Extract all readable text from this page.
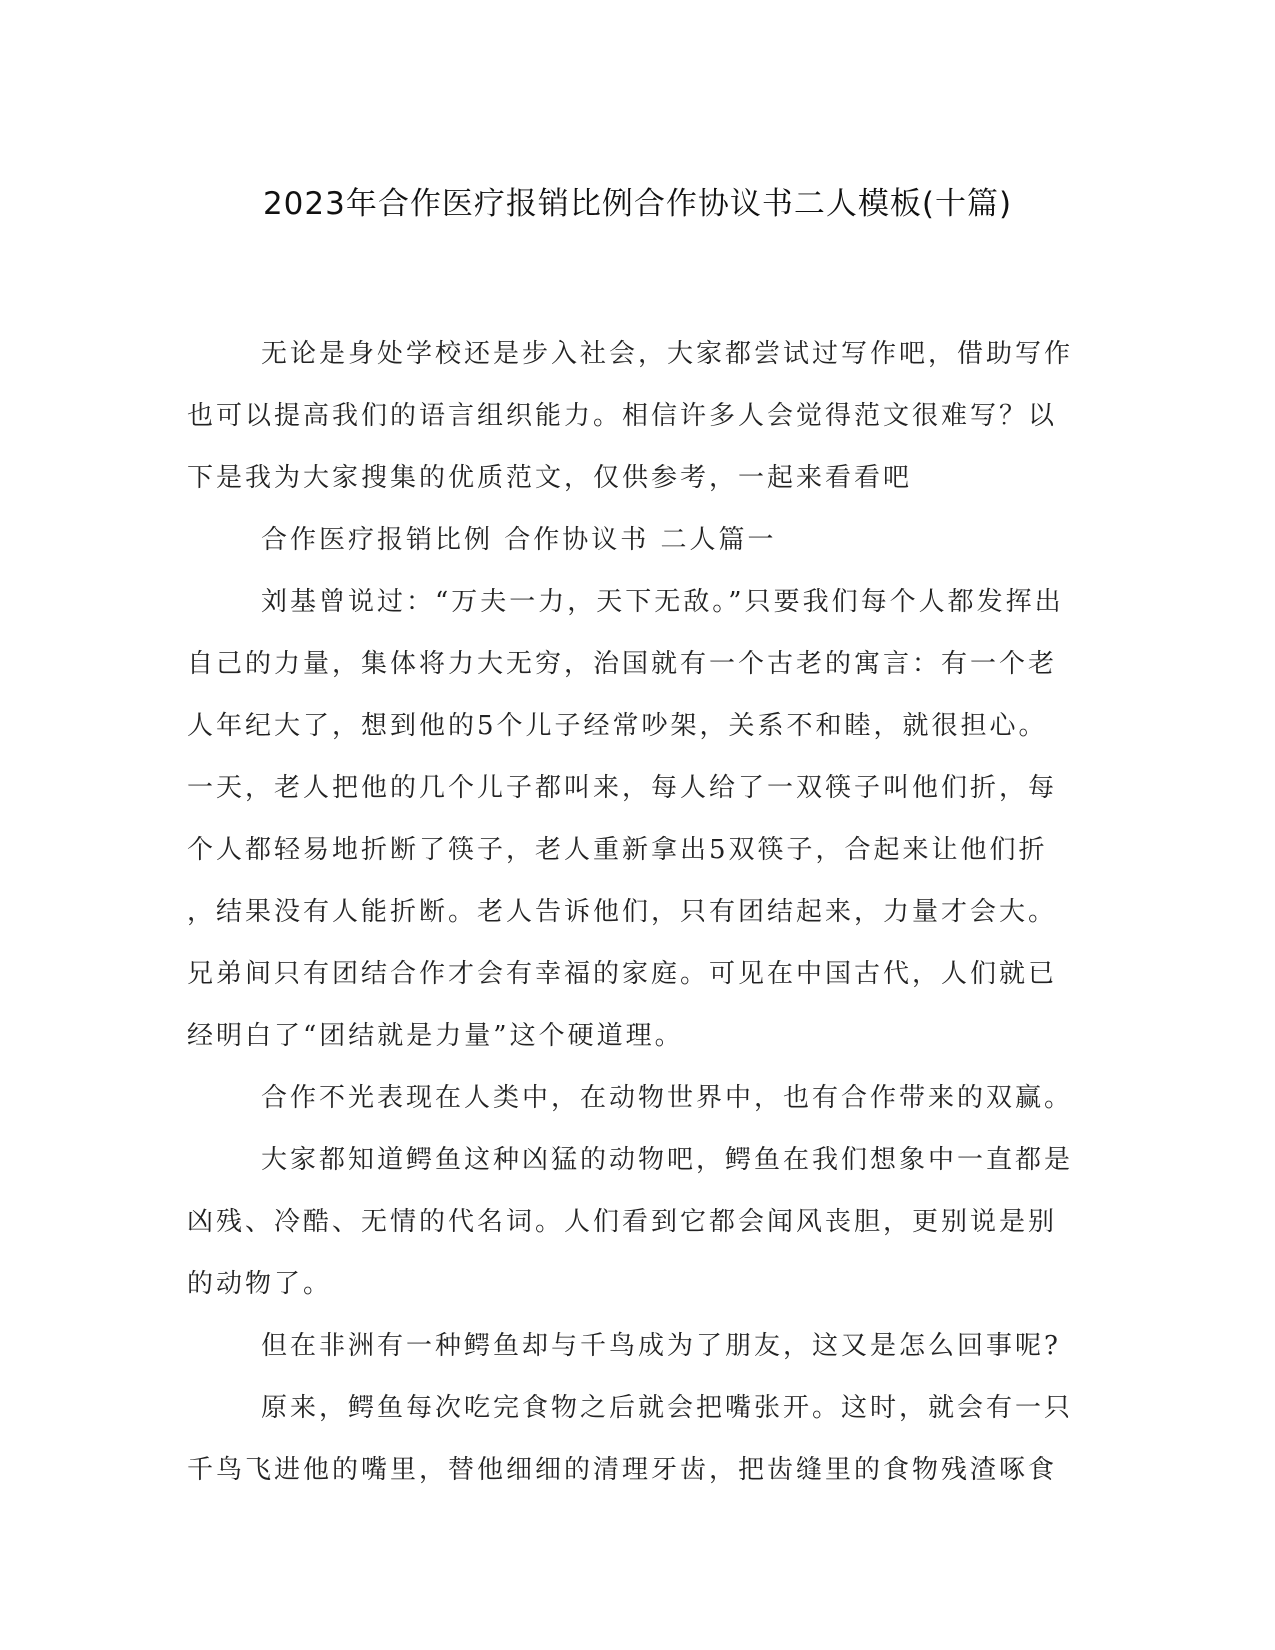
2023年合作医疗报销比例合作协议书二人模板(十篇)
无论是身处学校还是步入社会，大家都尝试过写作吧，借助写作
也可以提高我们的语言组织能力。相信许多人会觉得范文很难写？以
下是我为大家搜集的优质范文，仅供参考，一起来看看吧
合作医疗报销比例 合作协议书 二人篇一
刘基曾说过：“万夫一力，天下无敌。”只要我们每个人都发挥出
自己的力量，集体将力大无穷，治国就有一个古老的寓言：有一个老
人年纪大了，想到他的5个儿子经常吵架，关系不和睦，就很担心。
一天，老人把他的几个儿子都叫来，每人给了一双筷子叫他们折，每
个人都轻易地折断了筷子，老人重新拿出5双筷子，合起来让他们折
，结果没有人能折断。老人告诉他们，只有团结起来，力量才会大。
兄弟间只有团结合作才会有幸福的家庭。可见在中国古代，人们就已
经明白了“团结就是力量”这个硬道理。
合作不光表现在人类中，在动物世界中，也有合作带来的双赢。
大家都知道鳄鱼这种凶猛的动物吧，鳄鱼在我们想象中一直都是
凶残、冷酷、无情的代名词。人们看到它都会闻风丧胆，更别说是别
的动物了。
但在非洲有一种鳄鱼却与千鸟成为了朋友，这又是怎么回事呢?
原来，鳄鱼每次吃完食物之后就会把嘴张开。这时，就会有一只
千鸟飞进他的嘴里，替他细细的清理牙齿，把齿缝里的食物残渣啄食
